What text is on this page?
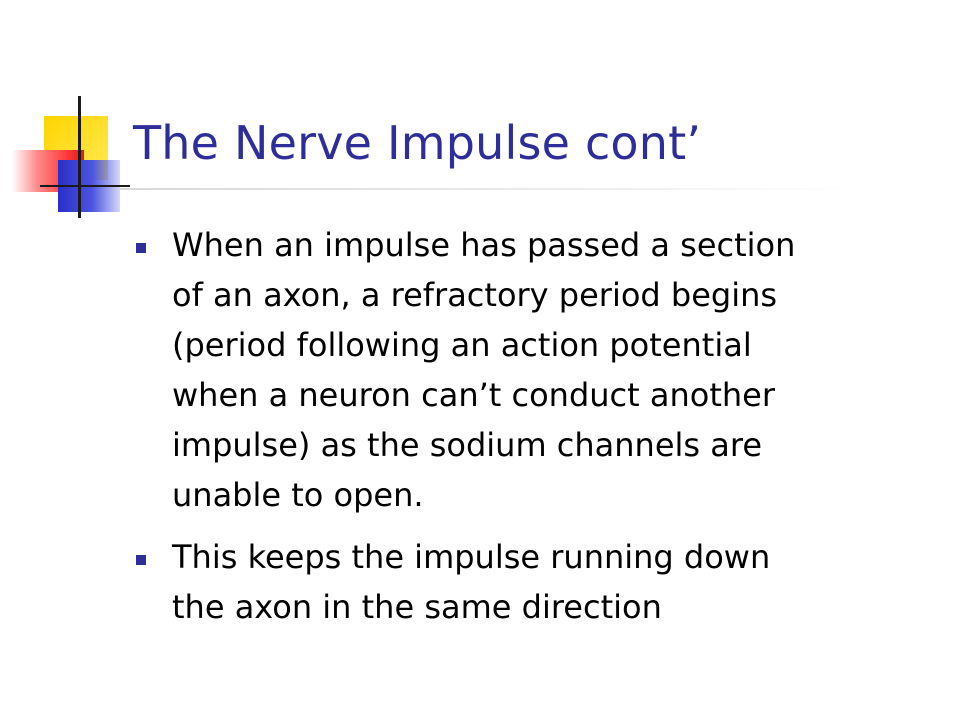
The Nerve Impulse cont’
When an impulse has passed a section
of an axon, a refractory period begins
(period following an action potential
when a neuron can’t conduct another
impulse) as the sodium channels are
unable to open.
This keeps the impulse running down
the axon in the same direction
